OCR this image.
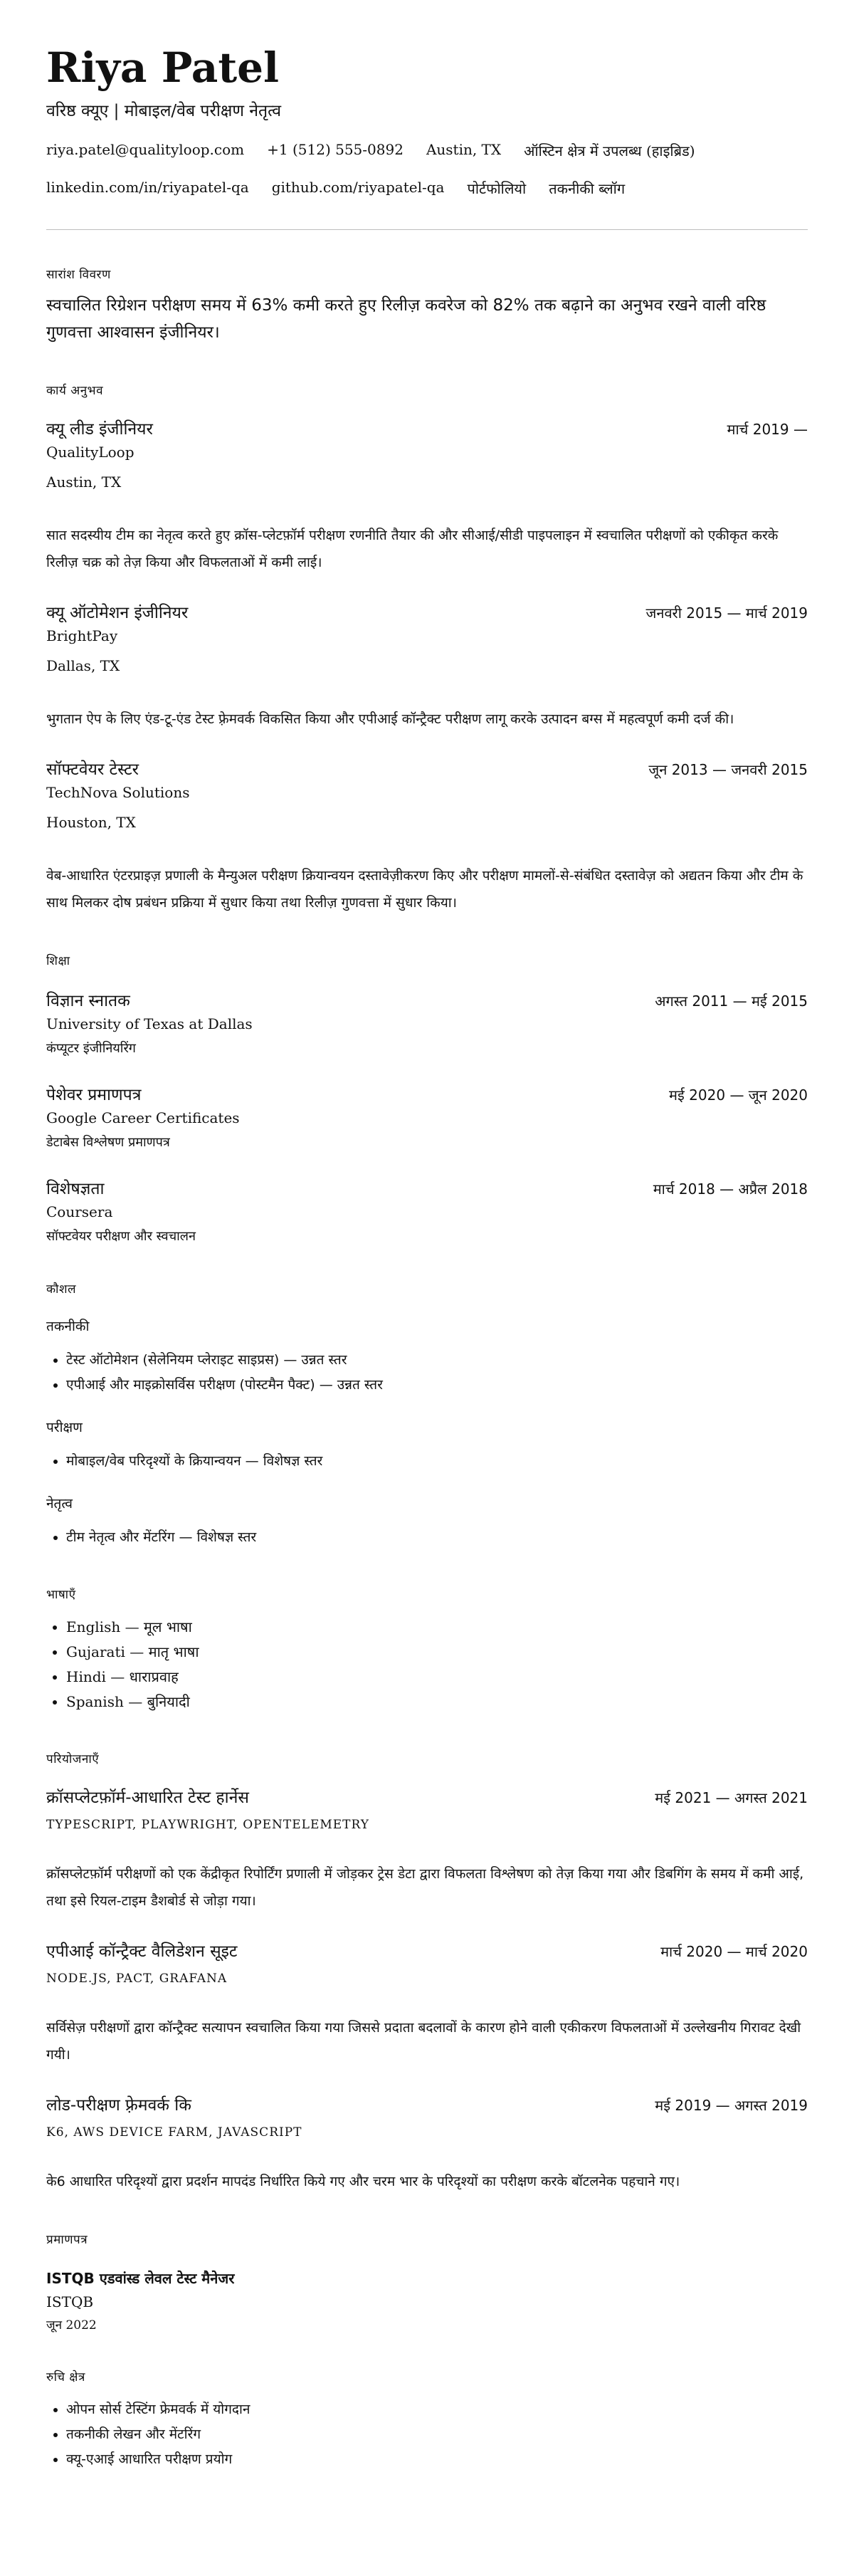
Riya Patel
वरिष्ठ क्यूए | मोबाइल/वेब परीक्षण नेतृत्व
riya.patel@qualityloop.com +1 (512) 555-0892 Austin, TX ऑस्टिन क्षेत्र में उपलब्ध (हाइब्रिड)
linkedin.com/in/riyapatel-qa github.com/riyapatel-qa पोर्टफोलियो तकनीकी ब्लॉग
सारांश विवरण
स्वचालित रिग्रेशन परीक्षण समय में 63% कमी करते हुए रिलीज़ कवरेज को 82% तक बढ़ाने का अनुभव रखने वाली वरिष्ठ गुणवत्ता आश्वासन इंजीनियर।
कार्य अनुभव
क्यू लीड इंजीनियर	मार्च 2019 —
QualityLoop
Austin, TX
सात सदस्यीय टीम का नेतृत्व करते हुए क्रॉस-प्लेटफ़ॉर्म परीक्षण रणनीति तैयार की और सीआई/सीडी पाइपलाइन में स्वचालित परीक्षणों को एकीकृत करके रिलीज़ चक्र को तेज़ किया और विफलताओं में कमी लाई।
क्यू ऑटोमेशन इंजीनियर	जनवरी 2015 — मार्च 2019
BrightPay
Dallas, TX
भुगतान ऐप के लिए एंड-टू-एंड टेस्ट फ़्रेमवर्क विकसित किया और एपीआई कॉन्ट्रैक्ट परीक्षण लागू करके उत्पादन बग्स में महत्वपूर्ण कमी दर्ज की।
सॉफ्टवेयर टेस्टर	जून 2013 — जनवरी 2015
TechNova Solutions
Houston, TX
वेब-आधारित एंटरप्राइज़ प्रणाली के मैन्युअल परीक्षण क्रियान्वयन दस्तावेज़ीकरण किए और परीक्षण मामलों-से-संबंधित दस्तावेज़ को अद्यतन किया और टीम के साथ मिलकर दोष प्रबंधन प्रक्रिया में सुधार किया तथा रिलीज़ गुणवत्ता में सुधार किया।
शिक्षा
विज्ञान स्नातक	अगस्त 2011 — मई 2015
University of Texas at Dallas
कंप्यूटर इंजीनियरिंग
पेशेवर प्रमाणपत्र	मई 2020 — जून 2020
Google Career Certificates
डेटाबेस विश्लेषण प्रमाणपत्र
विशेषज्ञता	मार्च 2018 — अप्रैल 2018
Coursera
सॉफ्टवेयर परीक्षण और स्वचालन
कौशल
तकनीकी
• टेस्ट ऑटोमेशन (सेलेनियम प्लेराइट साइप्रस) — उन्नत स्तर
• एपीआई और माइक्रोसर्विस परीक्षण (पोस्टमैन पैक्ट) — उन्नत स्तर
परीक्षण
• मोबाइल/वेब परिदृश्यों के क्रियान्वयन — विशेषज्ञ स्तर
नेतृत्व
• टीम नेतृत्व और मेंटरिंग — विशेषज्ञ स्तर
भाषाएँ
• English — मूल भाषा
• Gujarati — मातृ भाषा
• Hindi — धाराप्रवाह
• Spanish — बुनियादी
परियोजनाएँ
क्रॉसप्लेटफ़ॉर्म-आधारित टेस्ट हार्नेस	मई 2021 — अगस्त 2021
TYPESCRIPT, PLAYWRIGHT, OPENTELEMETRY
क्रॉसप्लेटफ़ॉर्म परीक्षणों को एक केंद्रीकृत रिपोर्टिंग प्रणाली में जोड़कर ट्रेस डेटा द्वारा विफलता विश्लेषण को तेज़ किया गया और डिबगिंग के समय में कमी आई, तथा इसे रियल-टाइम डैशबोर्ड से जोड़ा गया।
एपीआई कॉन्ट्रैक्ट वैलिडेशन सूइट	मार्च 2020 — मार्च 2020
NODE.JS, PACT, GRAFANA
सर्विसेज़ परीक्षणों द्वारा कॉन्ट्रैक्ट सत्यापन स्वचालित किया गया जिससे प्रदाता बदलावों के कारण होने वाली एकीकरण विफलताओं में उल्लेखनीय गिरावट देखी गयी।
लोड-परीक्षण फ़्रेमवर्क कि	मई 2019 — अगस्त 2019
K6, AWS DEVICE FARM, JAVASCRIPT
के6 आधारित परिदृश्यों द्वारा प्रदर्शन मापदंड निर्धारित किये गए और चरम भार के परिदृश्यों का परीक्षण करके बॉटलनेक पहचाने गए।
प्रमाणपत्र
ISTQB एडवांस्ड लेवल टेस्ट मैनेजर
ISTQB
जून 2022
रुचि क्षेत्र
• ओपन सोर्स टेस्टिंग फ्रेमवर्क में योगदान
• तकनीकी लेखन और मेंटरिंग
• क्यू-एआई आधारित परीक्षण प्रयोग
